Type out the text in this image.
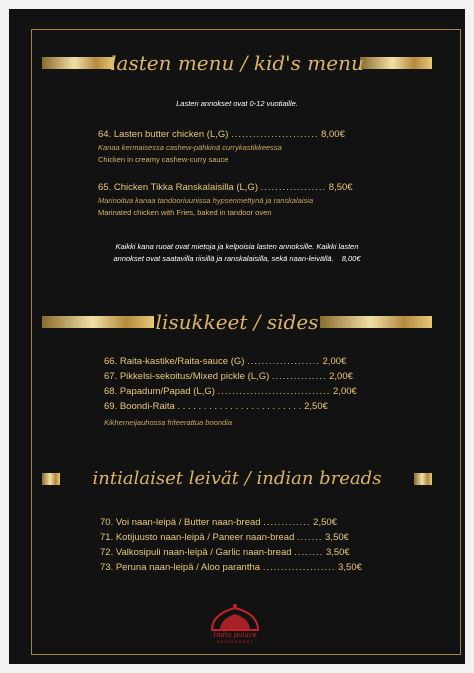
lasten menu / kid's menu
Lasten annokset ovat 0-12 vuotiaille.
64. Lasten butter chicken (L,G) ........................ 8,00€
Kanaa kermaisessa cashew-pähkinä currykastikkeessa
Chicken in creamy cashew-curry sauce
65. Chicken Tikka Ranskalaisilla (L,G) .................. 8,50€
Marinoitua kanaa tandooriuunissa hypsenmettynä ja ranskalaisia
Marinated chicken with Fries, baked in tandoor oven
Kaikki kana ruoat ovat mietoja ja kelpoisia lasten annoksille. Kaikki lasten
annokset ovat saatavilla riisillä ja ranskalaisilla, sekä naan-leivällä. 8,00€
lisukkeet / sides
66. Raita-kastike/Raita-sauce (G) .................... 2,00€
67. Pikkelsi-sekoitus/Mixed pickle (L,G) ............... 2,00€
68. Papadum/Papad (L,G) ............................... 2,00€
69. Boondi-Raita . . . . . . . . . . . . . . . . . . . . . . . . 2,50€
Kikherneijauhossa friteerattua boondia
intialaiset leivät / indian breads
70. Voi naan-leipä / Butter naan-bread ............. 2,50€
71. Kotijuusto naan-leipä / Paneer naan-bread ....... 3,50€
72. Valkosipuli naan-leipä / Garlic naan-bread ........ 3,50€
73. Peruna naan-leipä / Aloo parantha .................... 3,50€
India palace
RESTAURANT
